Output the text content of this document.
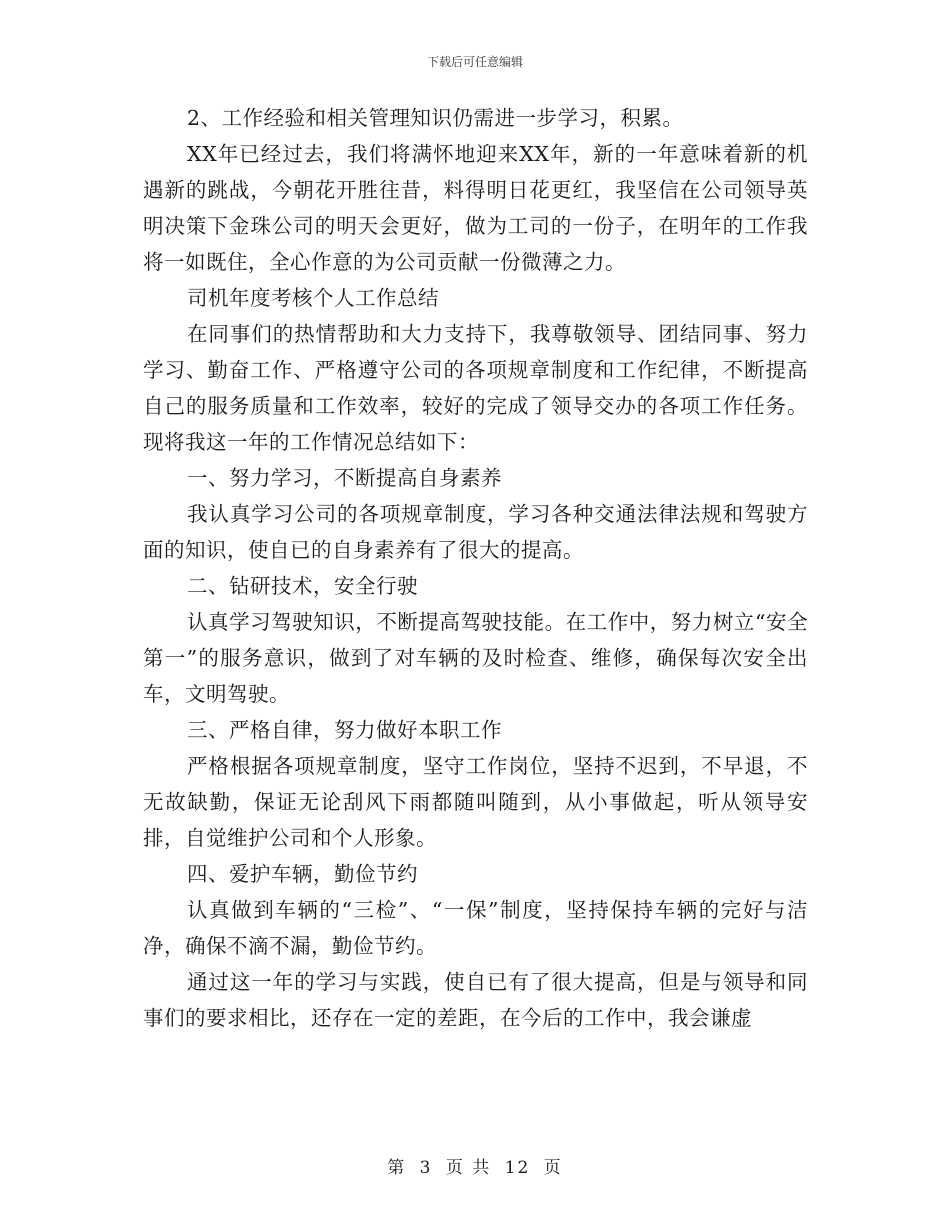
下载后可任意编辑

2、工作经验和相关管理知识仍需进一步学习，积累。

XX年已经过去，我们将满怀地迎来XX年，新的一年意味着新的机遇新的跳战，今朝花开胜往昔，料得明日花更红，我坚信在公司领导英明决策下金珠公司的明天会更好，做为工司的一份子，在明年的工作我将一如既住，全心作意的为公司贡献一份微薄之力。

司机年度考核个人工作总结

在同事们的热情帮助和大力支持下，我尊敬领导、团结同事、努力学习、勤奋工作、严格遵守公司的各项规章制度和工作纪律，不断提高自己的服务质量和工作效率，较好的完成了领导交办的各项工作任务。现将我这一年的工作情况总结如下：

一、努力学习，不断提高自身素养

我认真学习公司的各项规章制度，学习各种交通法律法规和驾驶方面的知识，使自已的自身素养有了很大的提高。

二、钻研技术，安全行驶

认真学习驾驶知识，不断提高驾驶技能。在工作中，努力树立“安全第一”的服务意识，做到了对车辆的及时检查、维修，确保每次安全出车，文明驾驶。

三、严格自律，努力做好本职工作

严格根据各项规章制度，坚守工作岗位，坚持不迟到，不早退，不无故缺勤，保证无论刮风下雨都随叫随到，从小事做起，听从领导安排，自觉维护公司和个人形象。

四、爱护车辆，勤俭节约

认真做到车辆的“三检”、“一保”制度，坚持保持车辆的完好与洁净，确保不滴不漏，勤俭节约。

通过这一年的学习与实践，使自已有了很大提高，但是与领导和同事们的要求相比，还存在一定的差距，在今后的工作中，我会谦虚

第 3 页 共 12 页
